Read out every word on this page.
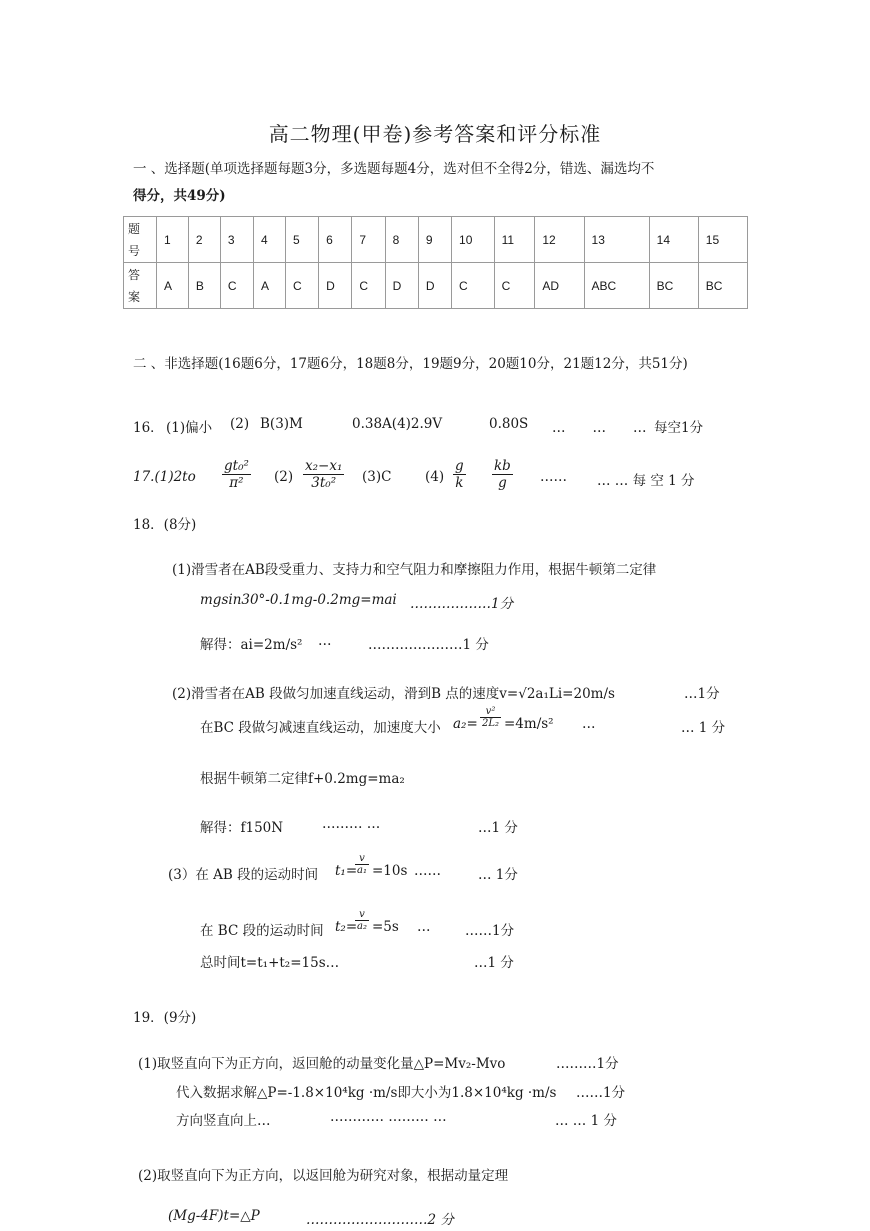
高二物理(甲卷)参考答案和评分标准
一 、选择题(单项选择题每题3分，多选题每题4分，选对但不全得2分，错选、漏选均不
得分，共49分)
题
号	1	2	3	4	5	6	7	8	9	10	11	12	13	14	15
答
案	A	B	C	A	C	D	C	D	D	C	C	AD	ABC	BC	BC
二 、非选择题(16题6分，17题6分，18题8分，19题9分，20题10分，21题12分，共51分)
16． (1)偏小 (2) B(3)M	0.38A(4)2.9V	0.80S …　　…　　… 每空1分
$17.(1)2to \frac{\text{gt₀²}}{\text{π²}} (2) \frac{\text{x₂−x₁}}{\text{3t₀²}} (3)C$ $(4) \frac{g}{k} \frac{kb}{g}$ …… … … 每 空 1 分
18．(8分)
(1)滑雪者在AB段受重力、支持力和空气阻力和摩擦阻力作用，根据牛顿第二定律
mgsin30°-0.1mg-0.2mg=mai ………………1分
解得：ai=2m/s² …	…………………1 分
(2)滑雪者在AB 段做匀加速直线运动，滑到B 点的速度v=√2a₁Li=20m/s	…1分
在BC 段做匀减速直线运动，加速度大小 $a_2= \frac{\text{v²}}{\text{2L₂}} =4m/s^2$ …	… 1 分
根据牛顿第二定律f+0.2mg=ma₂
解得：f150N	……… …	…1 分
(3）在 AB 段的运动时间 t₁=
$\frac{v}{\text{a₁}} =10s$ ……	… 1分
在 BC 段的运动时间 t₂=
$\frac{v}{\text{a₂}} =5s$ …	……1分
总时间t=t₁+t₂=15s…	…1 分
19．(9分)
(1)取竖直向下为正方向，返回舱的动量变化量△P=Mv₂-Mvo	………1分
代入数据求解△P=-1.8×10⁴kg ·m/s即大小为1.8×10⁴kg ·m/s ……1分
方向竖直向上…	………… ……… …	… … 1 分
(2)取竖直向下为正方向，以返回舱为研究对象，根据动量定理
(Mg-4F)t=△P	………………………2 分
